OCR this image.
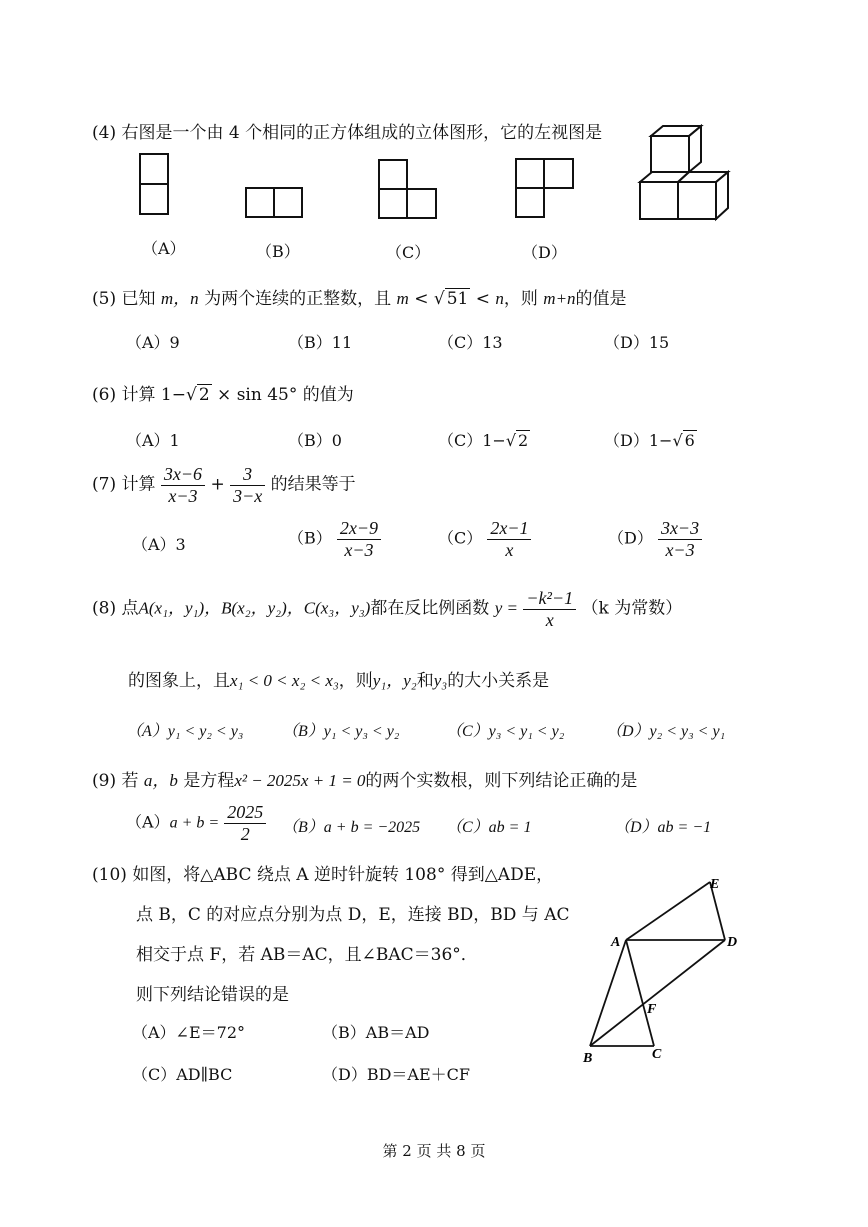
(4) 右图是一个由 4 个相同的正方体组成的立体图形，它的左视图是
（A）	（B）	（C）	（D）
(5) 已知 m，n 为两个连续的正整数，且 m < √ 51 < n，则 m+n的值是
（A）9	（B）11	（C）13	（D）15
(6) 计算 1−√ 2 × sin 45° 的值为
（A）1	（B）0	（C）1−√ 2	（D）1−√ 6
(7) 计算 $\frac{3x-6}{x-3} + \frac{3}{3-x}$ 的结果等于
（A）3	$(B) \frac{2x-9}{x-3}$	$(C) \frac{2x-1}{x}$	$(D) \frac{3x-3}{x-3}$
(8) 点A(x₁，y₁)，B(x₂，y₂)，C(x₃，y₃)都在反比例函数 $y = \frac{\text{−k²−1}}{x} (k$ 为常数）
的图象上，且x₁ < 0 < x₂ < x₃，则y₁，y₂和y₃的大小关系是
（A）y₁ < y₂ < y₃ （B）y₁ < y₃ < y₂	（C）y₃ < y₁ < y₂	（D）y₂ < y₃ < y₁
(9) 若 a，b 是方程x² − 2025x + 1 = 0的两个实数根，则下列结论正确的是
$(A)a + b = \frac{2025}{2} (B)a + b = -2025$ （C）ab = 1	（D）ab = −1
(10) 如图，将△ABC 绕点 A 逆时针旋转 108° 得到△ADE，
点 B，C 的对应点分别为点 D，E，连接 BD，BD 与 AC
相交于点 F，若 AB＝AC，且∠BAC＝36°．
则下列结论错误的是
（A）∠E＝72°	（B）AB＝AD
（C）AD∥BC	（D）BD＝AE＋CF
E
A	D
F
B	C
第 2 页 共 8 页
